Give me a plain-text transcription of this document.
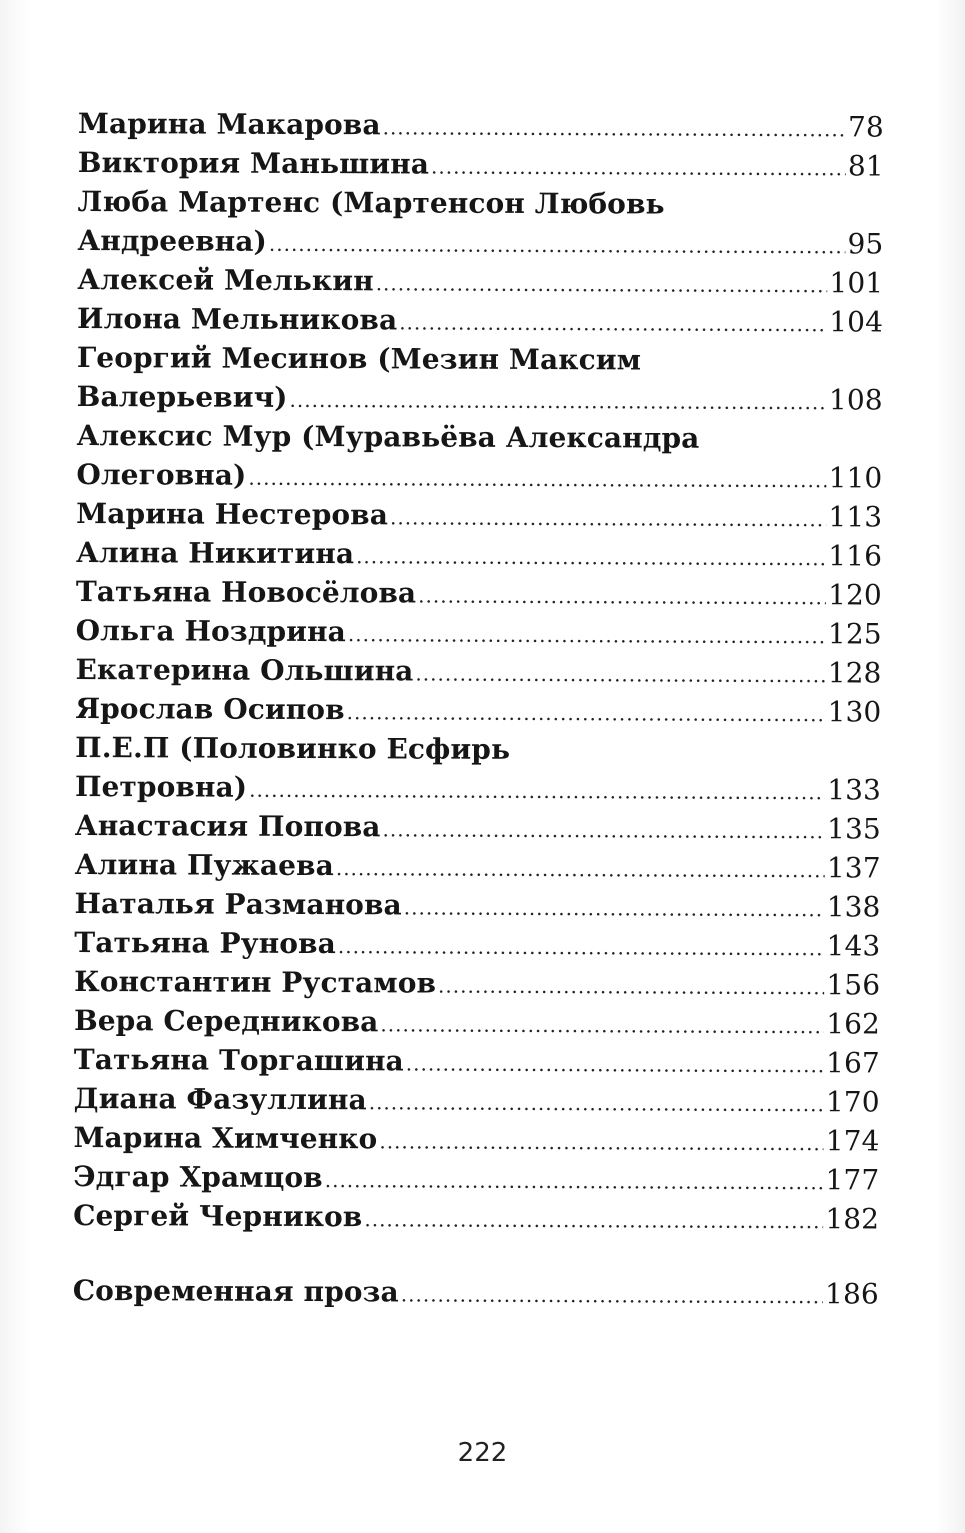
Марина Макарова .....	78
Виктория Маньшина .....	81
Люба Мартенс (Мартенсон Любовь
Андреевна) .....	95
Алексей Мелькин .....	101
Илона Мельникова .....	104
Георгий Месинов (Мезин Максим
Валерьевич) .....	108
Алексис Мур (Муравьёва Александра
Олеговна) .....	110
Марина Нестерова .....	113
Алина Никитина .....	116
Татьяна Новосёлова .....	120
Ольга Ноздрина .....	125
Екатерина Ольшина .....	128
Ярослав Осипов .....	130
П.Е.П (Половинко Есфирь
Петровна) .....	133
Анастасия Попова .....	135
Алина Пужаева .....	137
Наталья Разманова .....	138
Татьяна Рунова .....	143
Константин Рустамов .....	156
Вера Середникова .....	162
Татьяна Торгашина .....	167
Диана Фазуллина .....	170
Марина Химченко .....	174
Эдгар Храмцов .....	177
Сергей Черников .....	182
Современная проза .....	186
222
